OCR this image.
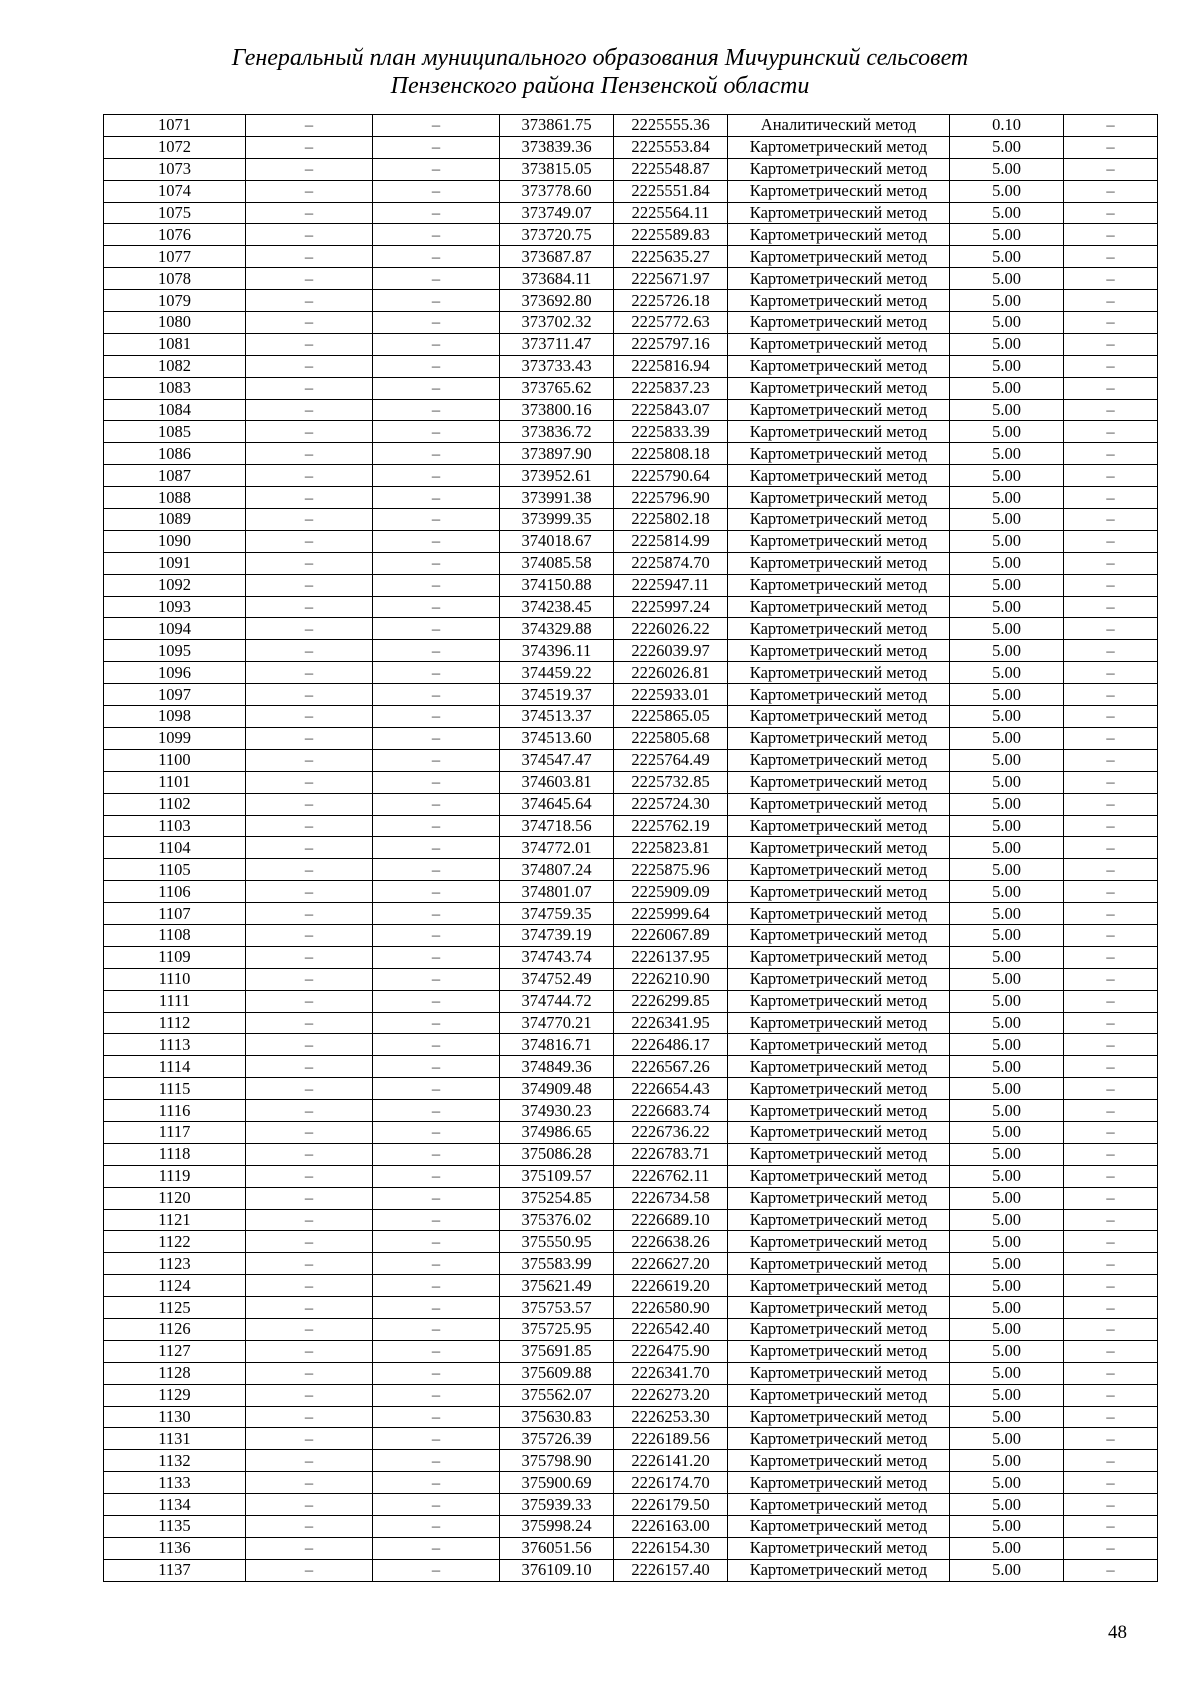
Генеральный план муниципального образования Мичуринский сельсовет
Пензенского района Пензенской области
1071	–	–	373861.75	2225555.36	Аналитический метод	0.10	–
1072	–	–	373839.36	2225553.84	Картометрический метод	5.00	–
1073	–	–	373815.05	2225548.87	Картометрический метод	5.00	–
1074	–	–	373778.60	2225551.84	Картометрический метод	5.00	–
1075	–	–	373749.07	2225564.11	Картометрический метод	5.00	–
1076	–	–	373720.75	2225589.83	Картометрический метод	5.00	–
1077	–	–	373687.87	2225635.27	Картометрический метод	5.00	–
1078	–	–	373684.11	2225671.97	Картометрический метод	5.00	–
1079	–	–	373692.80	2225726.18	Картометрический метод	5.00	–
1080	–	–	373702.32	2225772.63	Картометрический метод	5.00	–
1081	–	–	373711.47	2225797.16	Картометрический метод	5.00	–
1082	–	–	373733.43	2225816.94	Картометрический метод	5.00	–
1083	–	–	373765.62	2225837.23	Картометрический метод	5.00	–
1084	–	–	373800.16	2225843.07	Картометрический метод	5.00	–
1085	–	–	373836.72	2225833.39	Картометрический метод	5.00	–
1086	–	–	373897.90	2225808.18	Картометрический метод	5.00	–
1087	–	–	373952.61	2225790.64	Картометрический метод	5.00	–
1088	–	–	373991.38	2225796.90	Картометрический метод	5.00	–
1089	–	–	373999.35	2225802.18	Картометрический метод	5.00	–
1090	–	–	374018.67	2225814.99	Картометрический метод	5.00	–
1091	–	–	374085.58	2225874.70	Картометрический метод	5.00	–
1092	–	–	374150.88	2225947.11	Картометрический метод	5.00	–
1093	–	–	374238.45	2225997.24	Картометрический метод	5.00	–
1094	–	–	374329.88	2226026.22	Картометрический метод	5.00	–
1095	–	–	374396.11	2226039.97	Картометрический метод	5.00	–
1096	–	–	374459.22	2226026.81	Картометрический метод	5.00	–
1097	–	–	374519.37	2225933.01	Картометрический метод	5.00	–
1098	–	–	374513.37	2225865.05	Картометрический метод	5.00	–
1099	–	–	374513.60	2225805.68	Картометрический метод	5.00	–
1100	–	–	374547.47	2225764.49	Картометрический метод	5.00	–
1101	–	–	374603.81	2225732.85	Картометрический метод	5.00	–
1102	–	–	374645.64	2225724.30	Картометрический метод	5.00	–
1103	–	–	374718.56	2225762.19	Картометрический метод	5.00	–
1104	–	–	374772.01	2225823.81	Картометрический метод	5.00	–
1105	–	–	374807.24	2225875.96	Картометрический метод	5.00	–
1106	–	–	374801.07	2225909.09	Картометрический метод	5.00	–
1107	–	–	374759.35	2225999.64	Картометрический метод	5.00	–
1108	–	–	374739.19	2226067.89	Картометрический метод	5.00	–
1109	–	–	374743.74	2226137.95	Картометрический метод	5.00	–
1110	–	–	374752.49	2226210.90	Картометрический метод	5.00	–
1111	–	–	374744.72	2226299.85	Картометрический метод	5.00	–
1112	–	–	374770.21	2226341.95	Картометрический метод	5.00	–
1113	–	–	374816.71	2226486.17	Картометрический метод	5.00	–
1114	–	–	374849.36	2226567.26	Картометрический метод	5.00	–
1115	–	–	374909.48	2226654.43	Картометрический метод	5.00	–
1116	–	–	374930.23	2226683.74	Картометрический метод	5.00	–
1117	–	–	374986.65	2226736.22	Картометрический метод	5.00	–
1118	–	–	375086.28	2226783.71	Картометрический метод	5.00	–
1119	–	–	375109.57	2226762.11	Картометрический метод	5.00	–
1120	–	–	375254.85	2226734.58	Картометрический метод	5.00	–
1121	–	–	375376.02	2226689.10	Картометрический метод	5.00	–
1122	–	–	375550.95	2226638.26	Картометрический метод	5.00	–
1123	–	–	375583.99	2226627.20	Картометрический метод	5.00	–
1124	–	–	375621.49	2226619.20	Картометрический метод	5.00	–
1125	–	–	375753.57	2226580.90	Картометрический метод	5.00	–
1126	–	–	375725.95	2226542.40	Картометрический метод	5.00	–
1127	–	–	375691.85	2226475.90	Картометрический метод	5.00	–
1128	–	–	375609.88	2226341.70	Картометрический метод	5.00	–
1129	–	–	375562.07	2226273.20	Картометрический метод	5.00	–
1130	–	–	375630.83	2226253.30	Картометрический метод	5.00	–
1131	–	–	375726.39	2226189.56	Картометрический метод	5.00	–
1132	–	–	375798.90	2226141.20	Картометрический метод	5.00	–
1133	–	–	375900.69	2226174.70	Картометрический метод	5.00	–
1134	–	–	375939.33	2226179.50	Картометрический метод	5.00	–
1135	–	–	375998.24	2226163.00	Картометрический метод	5.00	–
1136	–	–	376051.56	2226154.30	Картометрический метод	5.00	–
1137	–	–	376109.10	2226157.40	Картометрический метод	5.00	–
48
